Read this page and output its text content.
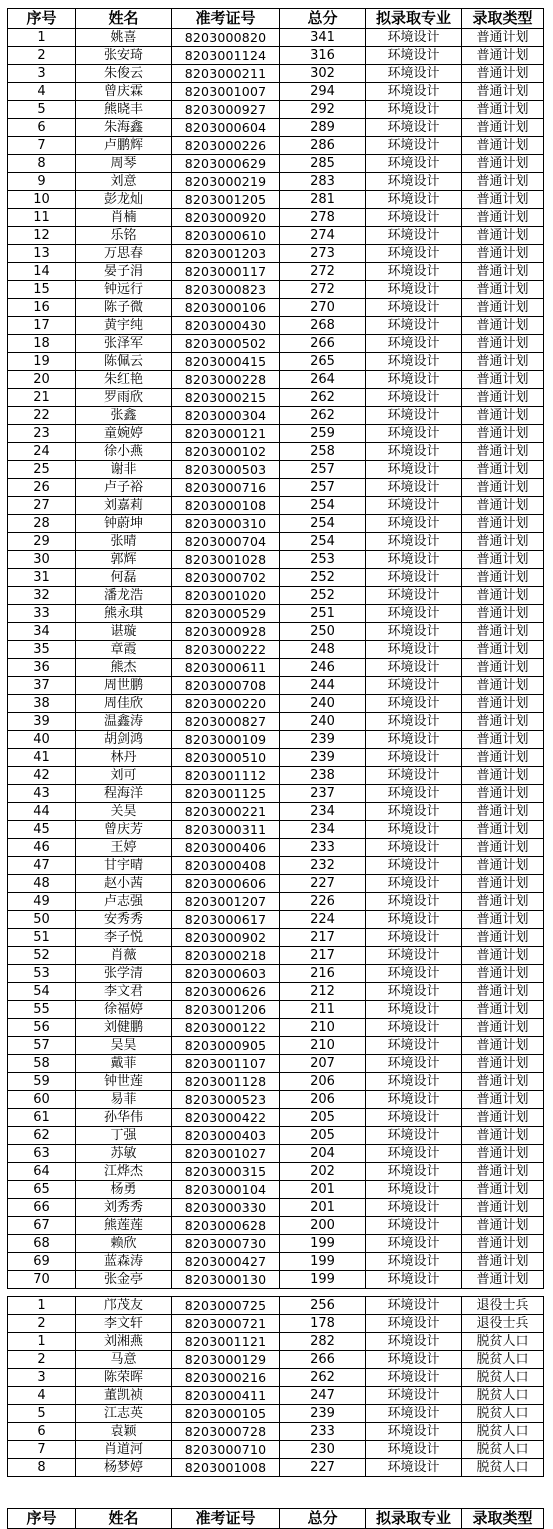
序号	姓名	准考证号	总分	拟录取专业	录取类型
1	姚喜	8203000820	341	环境设计	普通计划
2	张安琦	8203001124	316	环境设计	普通计划
3	朱俊云	8203000211	302	环境设计	普通计划
4	曾庆霖	8203001007	294	环境设计	普通计划
5	熊晓丰	8203000927	292	环境设计	普通计划
6	朱海鑫	8203000604	289	环境设计	普通计划
7	卢鹏辉	8203000226	286	环境设计	普通计划
8	周琴	8203000629	285	环境设计	普通计划
9	刘意	8203000219	283	环境设计	普通计划
10	彭龙灿	8203001205	281	环境设计	普通计划
11	肖楠	8203000920	278	环境设计	普通计划
12	乐铭	8203000610	274	环境设计	普通计划
13	万思春	8203001203	273	环境设计	普通计划
14	晏子涓	8203000117	272	环境设计	普通计划
15	钟远行	8203000823	272	环境设计	普通计划
16	陈子微	8203000106	270	环境设计	普通计划
17	黄宇纯	8203000430	268	环境设计	普通计划
18	张泽军	8203000502	266	环境设计	普通计划
19	陈佩云	8203000415	265	环境设计	普通计划
20	朱红艳	8203000228	264	环境设计	普通计划
21	罗雨欣	8203000215	262	环境设计	普通计划
22	张鑫	8203000304	262	环境设计	普通计划
23	童婉婷	8203000121	259	环境设计	普通计划
24	徐小燕	8203000102	258	环境设计	普通计划
25	谢非	8203000503	257	环境设计	普通计划
26	卢子裕	8203000716	257	环境设计	普通计划
27	刘嘉莉	8203000108	254	环境设计	普通计划
28	钟蔚坤	8203000310	254	环境设计	普通计划
29	张晴	8203000704	254	环境设计	普通计划
30	郭辉	8203001028	253	环境设计	普通计划
31	何磊	8203000702	252	环境设计	普通计划
32	潘龙浩	8203001020	252	环境设计	普通计划
33	熊永琪	8203000529	251	环境设计	普通计划
34	谌璇	8203000928	250	环境设计	普通计划
35	章霞	8203000222	248	环境设计	普通计划
36	熊杰	8203000611	246	环境设计	普通计划
37	周世鹏	8203000708	244	环境设计	普通计划
38	周佳欣	8203000220	240	环境设计	普通计划
39	温鑫涛	8203000827	240	环境设计	普通计划
40	胡剑鸿	8203000109	239	环境设计	普通计划
41	林丹	8203000510	239	环境设计	普通计划
42	刘可	8203001112	238	环境设计	普通计划
43	程海洋	8203001125	237	环境设计	普通计划
44	关昊	8203000221	234	环境设计	普通计划
45	曾庆芳	8203000311	234	环境设计	普通计划
46	王婷	8203000406	233	环境设计	普通计划
47	甘宇晴	8203000408	232	环境设计	普通计划
48	赵小茜	8203000606	227	环境设计	普通计划
49	卢志强	8203001207	226	环境设计	普通计划
50	安秀秀	8203000617	224	环境设计	普通计划
51	李子悦	8203000902	217	环境设计	普通计划
52	肖薇	8203000218	217	环境设计	普通计划
53	张学清	8203000603	216	环境设计	普通计划
54	李文君	8203000626	212	环境设计	普通计划
55	徐福婷	8203001206	211	环境设计	普通计划
56	刘健鹏	8203000122	210	环境设计	普通计划
57	吴昊	8203000905	210	环境设计	普通计划
58	戴菲	8203001107	207	环境设计	普通计划
59	钟世莲	8203001128	206	环境设计	普通计划
60	易菲	8203000523	206	环境设计	普通计划
61	孙华伟	8203000422	205	环境设计	普通计划
62	丁强	8203000403	205	环境设计	普通计划
63	苏敏	8203001027	204	环境设计	普通计划
64	江烨杰	8203000315	202	环境设计	普通计划
65	杨勇	8203000104	201	环境设计	普通计划
66	刘秀秀	8203000330	201	环境设计	普通计划
67	熊莲莲	8203000628	200	环境设计	普通计划
68	赖欣	8203000730	199	环境设计	普通计划
69	蓝森涛	8203000427	199	环境设计	普通计划
70	张金亭	8203000130	199	环境设计	普通计划
1	邝茂友	8203000725	256	环境设计	退役士兵
2	李文轩	8203000721	178	环境设计	退役士兵
1	刘湘燕	8203001121	282	环境设计	脱贫人口
2	马意	8203000129	266	环境设计	脱贫人口
3	陈荣晖	8203000216	262	环境设计	脱贫人口
4	董凯祯	8203000411	247	环境设计	脱贫人口
5	江志英	8203000105	239	环境设计	脱贫人口
6	袁颖	8203000728	233	环境设计	脱贫人口
7	肖道河	8203000710	230	环境设计	脱贫人口
8	杨梦婷	8203001008	227	环境设计	脱贫人口
序号	姓名	准考证号	总分	拟录取专业	录取类型
